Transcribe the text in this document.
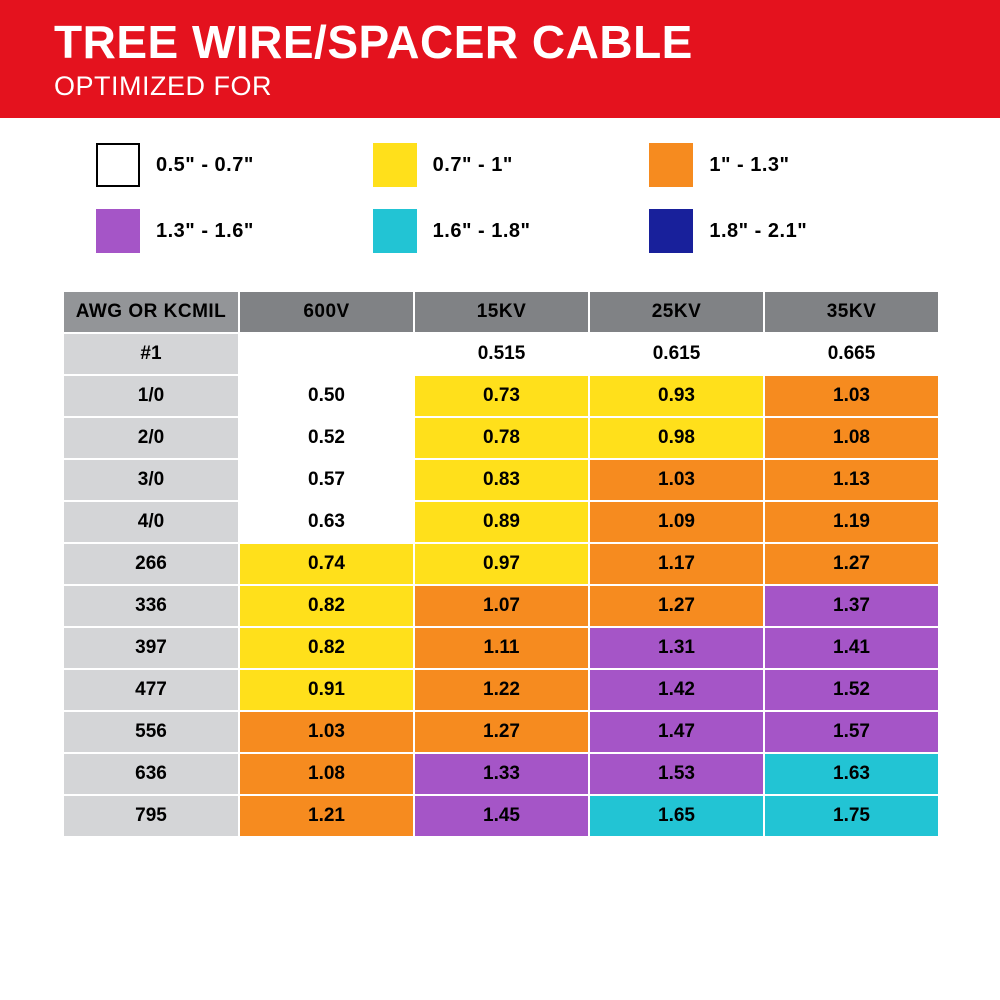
TREE WIRE/SPACER CABLE
OPTIMIZED FOR
0.5" - 0.7"	0.7" - 1"	1" - 1.3"
1.3" - 1.6"	1.6" - 1.8"	1.8" - 2.1"
AWG OR KCMIL	600V	15KV	25KV	35KV
#1		0.515	0.615	0.665
1/0	0.50	0.73	0.93	1.03
2/0	0.52	0.78	0.98	1.08
3/0	0.57	0.83	1.03	1.13
4/0	0.63	0.89	1.09	1.19
266	0.74	0.97	1.17	1.27
336	0.82	1.07	1.27	1.37
397	0.82	1.11	1.31	1.41
477	0.91	1.22	1.42	1.52
556	1.03	1.27	1.47	1.57
636	1.08	1.33	1.53	1.63
795	1.21	1.45	1.65	1.75
